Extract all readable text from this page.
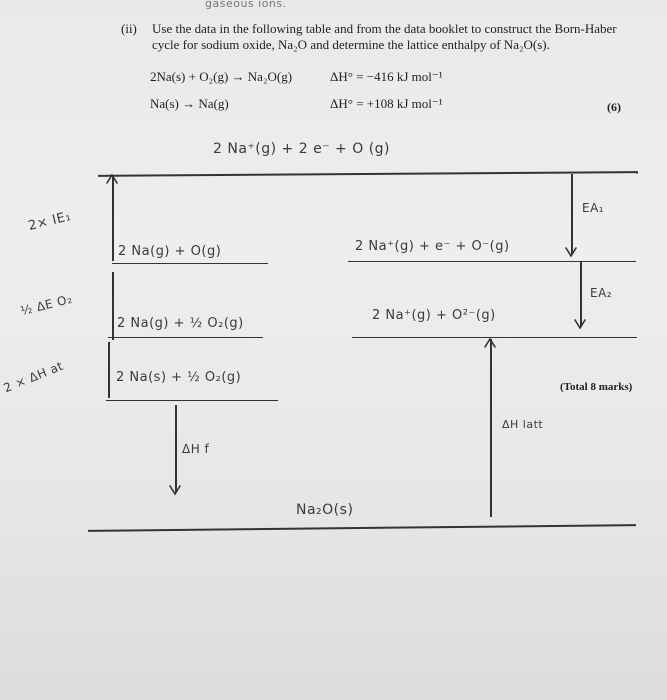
gaseous ions.
(ii) Use the data in the following table and from the data booklet to construct the Born-Haber
cycle for sodium oxide, Na₂O and determine the lattice enthalpy of Na₂O(s).
2Na(s) + O₂(g) → Na₂O(g)	ΔH° = −416 kJ mol⁻¹
Na(s) → Na(g)	ΔH° = +108 kJ mol⁻¹	(6)
2 Na⁺(g) + 2 e⁻ + O (g)
2× IE₁
2 Na(g) + O(g)
EA₁
2 Na⁺(g) + e⁻ + O⁻(g)
½ ΔE O₂
2 Na(g) + ½ O₂(g)
EA₂
2 Na⁺(g) + O²⁻(g)
2 × ΔH at	2 Na(s) + ½ O₂(g)
(Total 8 marks)
ΔH f
ΔH latt
Na₂O(s)
